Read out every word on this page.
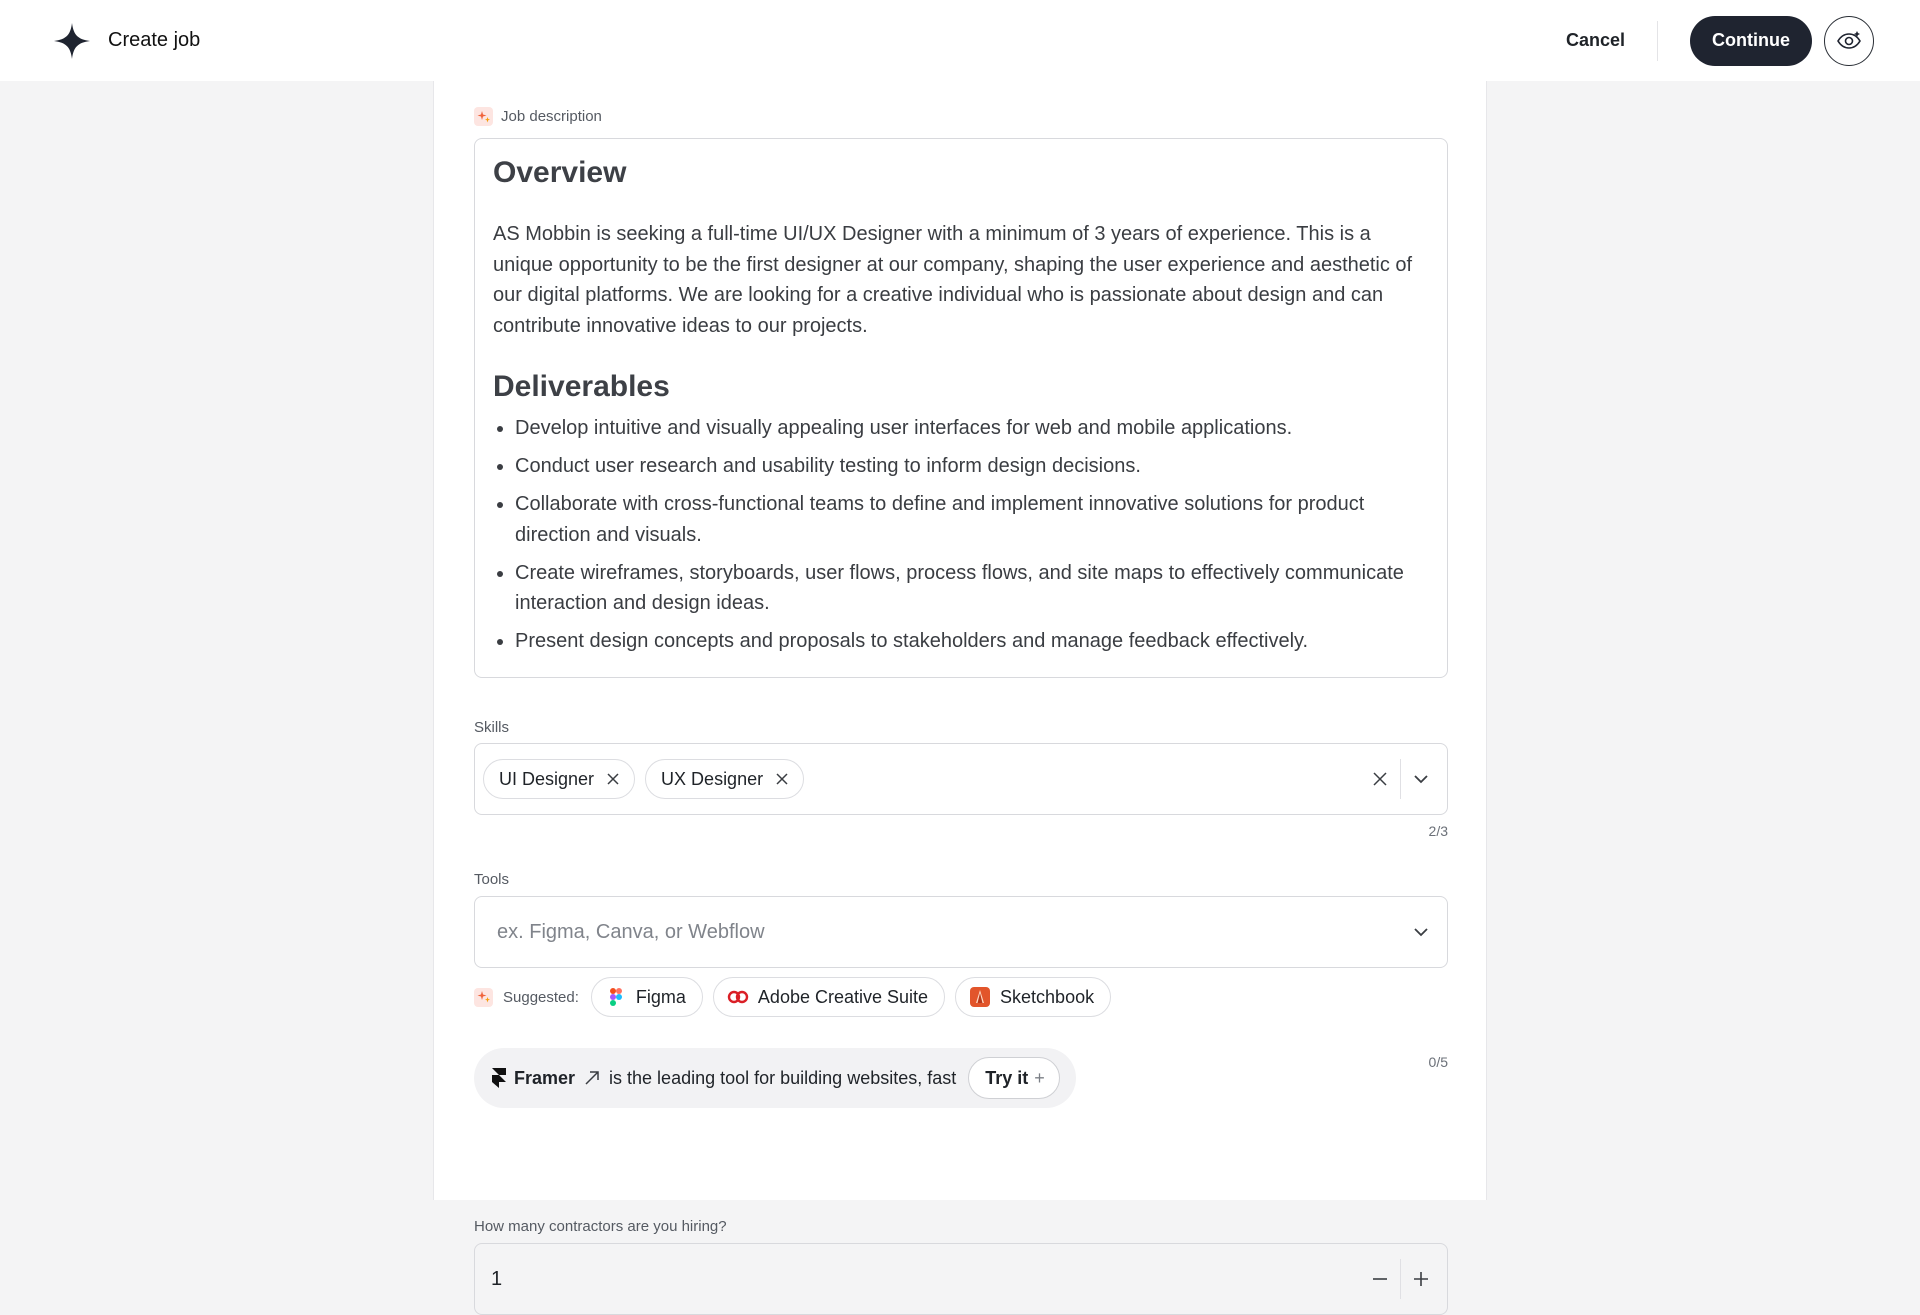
Create job	Cancel	Continue
Job description
Overview

AS Mobbin is seeking a full-time UI/UX Designer with a minimum of 3 years of experience. This is a unique opportunity to be the first designer at our company, shaping the user experience and aesthetic of our digital platforms. We are looking for a creative individual who is passionate about design and can contribute innovative ideas to our projects.

Deliverables
• Develop intuitive and visually appealing user interfaces for web and mobile applications.
• Conduct user research and usability testing to inform design decisions.
• Collaborate with cross-functional teams to define and implement innovative solutions for product direction and visuals.
• Create wireframes, storyboards, user flows, process flows, and site maps to effectively communicate interaction and design ideas.
• Present design concepts and proposals to stakeholders and manage feedback effectively.
Skills
UI Designer	UX Designer
2/3
Tools
ex. Figma, Canva, or Webflow
0/5
Suggested:	Figma	Adobe Creative Suite	Sketchbook
Framer is the leading tool for building websites, fast Try it +
How many contractors are you hiring?
1
